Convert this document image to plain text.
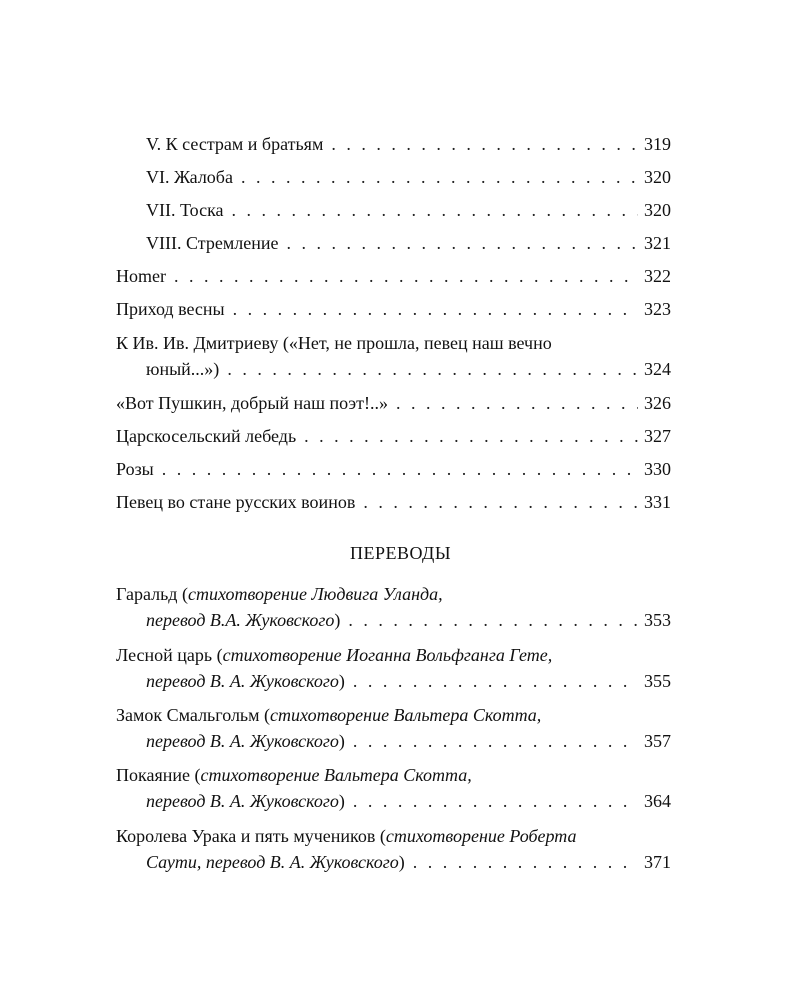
V. К сестрам и братьям . . .	319
VI. Жалоба . . .	320
VII. Тоска . . .	320
VIII. Стремление . . .	321
Homer . . .	322
Приход весны . . .	323
К Ив. Ив. Дмитриеву («Нет, не прошла, певец наш вечно
юный...») . . .	324
«Вот Пушкин, добрый наш поэт!..» . . .	326
Царскосельский лебедь . . .	327
Розы . . .	330
Певец во стане русских воинов . . .	331
ПЕРЕВОДЫ
Гаральд (стихотворение Людвига Уланда,
перевод В.А. Жуковского) . . .	353
Лесной царь (стихотворение Иоганна Вольфганга Гете,
перевод В. А. Жуковского) . . .	355
Замок Смальгольм (стихотворение Вальтера Скотта,
перевод В. А. Жуковского) . . .	357
Покаяние (стихотворение Вальтера Скотта,
перевод В. А. Жуковского) . . .	364
Королева Урака и пять мучеников (стихотворение Роберта
Саути, перевод В. А. Жуковского) . . .	371
